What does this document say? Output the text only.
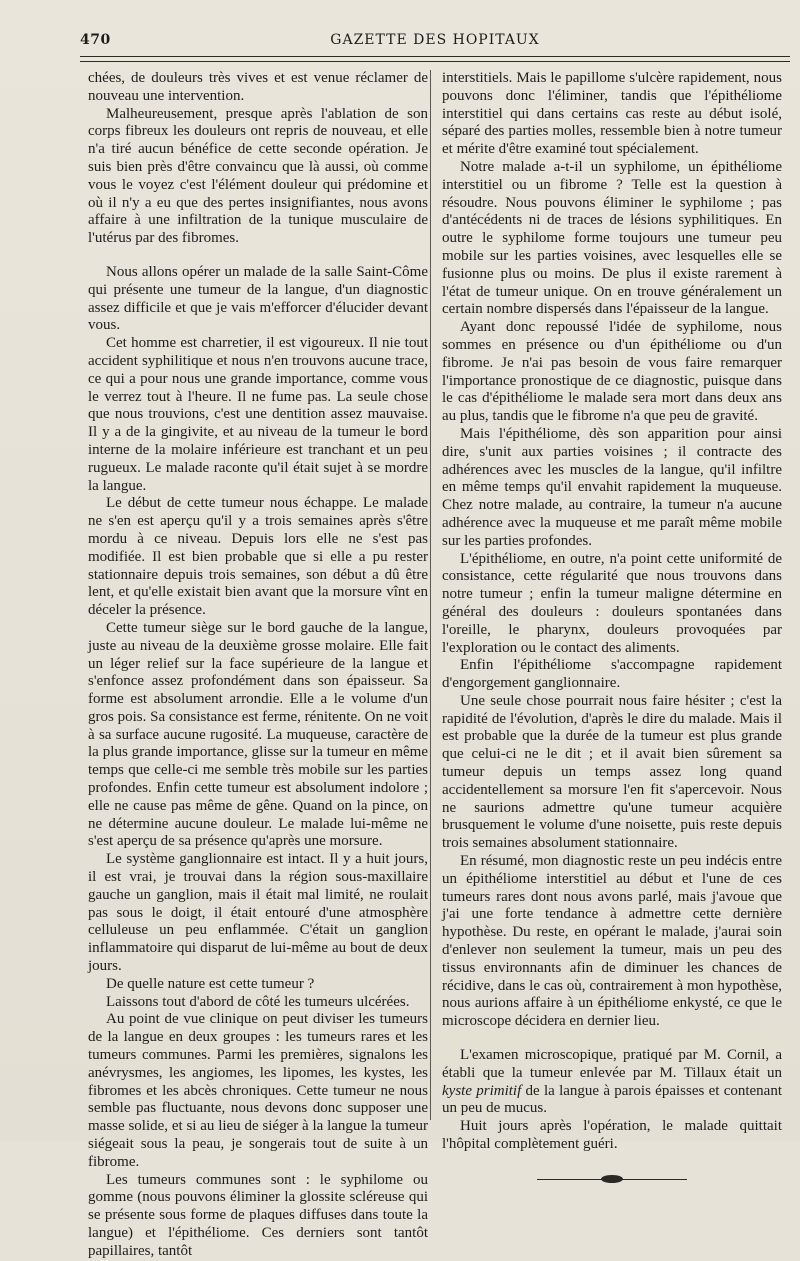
470	GAZETTE DES HOPITAUX

chées, de douleurs très vives et est venue réclamer de nouveau une intervention.

Malheureusement, presque après l'ablation de son corps fibreux les douleurs ont repris de nouveau, et elle n'a tiré aucun bénéfice de cette seconde opération. Je suis bien près d'être convaincu que là aussi, où comme vous le voyez c'est l'élément douleur qui prédomine et où il n'y a eu que des pertes insignifiantes, nous avons affaire à une infiltration de la tunique musculaire de l'utérus par des fibromes.

Nous allons opérer un malade de la salle Saint-Côme qui présente une tumeur de la langue, d'un diagnostic assez difficile et que je vais m'efforcer d'élucider devant vous.

Cet homme est charretier, il est vigoureux. Il nie tout accident syphilitique et nous n'en trouvons aucune trace, ce qui a pour nous une grande importance, comme vous le verrez tout à l'heure. Il ne fume pas. La seule chose que nous trouvions, c'est une dentition assez mauvaise. Il y a de la gingivite, et au niveau de la tumeur le bord interne de la molaire inférieure est tranchant et un peu rugueux. Le malade raconte qu'il était sujet à se mordre la langue.

Le début de cette tumeur nous échappe. Le malade ne s'en est aperçu qu'il y a trois semaines après s'être mordu à ce niveau. Depuis lors elle ne s'est pas modifiée. Il est bien probable que si elle a pu rester stationnaire depuis trois semaines, son début a dû être lent, et qu'elle existait bien avant que la morsure vînt en déceler la présence.

Cette tumeur siège sur le bord gauche de la langue, juste au niveau de la deuxième grosse molaire. Elle fait un léger relief sur la face supérieure de la langue et s'enfonce assez profondément dans son épaisseur. Sa forme est absolument arrondie. Elle a le volume d'un gros pois. Sa consistance est ferme, rénitente. On ne voit à sa surface aucune rugosité. La muqueuse, caractère de la plus grande importance, glisse sur la tumeur en même temps que celle-ci me semble très mobile sur les parties profondes. Enfin cette tumeur est absolument indolore ; elle ne cause pas même de gêne. Quand on la pince, on ne détermine aucune douleur. Le malade lui-même ne s'est aperçu de sa présence qu'après une morsure.

Le système ganglionnaire est intact. Il y a huit jours, il est vrai, je trouvai dans la région sous-maxillaire gauche un ganglion, mais il était mal limité, ne roulait pas sous le doigt, il était entouré d'une atmosphère celluleuse un peu enflammée. C'était un ganglion inflammatoire qui disparut de lui-même au bout de deux jours.

De quelle nature est cette tumeur ?

Laissons tout d'abord de côté les tumeurs ulcérées.

Au point de vue clinique on peut diviser les tumeurs de la langue en deux groupes : les tumeurs rares et les tumeurs communes. Parmi les premières, signalons les anévrysmes, les angiomes, les lipomes, les kystes, les fibromes et les abcès chroniques. Cette tumeur ne nous semble pas fluctuante, nous devons donc supposer une masse solide, et si au lieu de siéger à la langue la tumeur siégeait sous la peau, je songerais tout de suite à un fibrome.

Les tumeurs communes sont : le syphilome ou gomme (nous pouvons éliminer la glossite scléreuse qui se présente sous forme de plaques diffuses dans toute la langue) et l'épithéliome. Ces derniers sont tantôt papillaires, tantôt

interstitiels. Mais le papillome s'ulcère rapidement, nous pouvons donc l'éliminer, tandis que l'épithéliome interstitiel qui dans certains cas reste au début isolé, séparé des parties molles, ressemble bien à notre tumeur et mérite d'être examiné tout spécialement.

Notre malade a-t-il un syphilome, un épithéliome interstitiel ou un fibrome ? Telle est la question à résoudre. Nous pouvons éliminer le syphilome ; pas d'antécédents ni de traces de lésions syphilitiques. En outre le syphilome forme toujours une tumeur peu mobile sur les parties voisines, avec lesquelles elle se fusionne plus ou moins. De plus il existe rarement à l'état de tumeur unique. On en trouve généralement un certain nombre dispersés dans l'épaisseur de la langue.

Ayant donc repoussé l'idée de syphilome, nous sommes en présence ou d'un épithéliome ou d'un fibrome. Je n'ai pas besoin de vous faire remarquer l'importance pronostique de ce diagnostic, puisque dans le cas d'épithéliome le malade sera mort dans deux ans au plus, tandis que le fibrome n'a que peu de gravité.

Mais l'épithéliome, dès son apparition pour ainsi dire, s'unit aux parties voisines ; il contracte des adhérences avec les muscles de la langue, qu'il infiltre en même temps qu'il envahit rapidement la muqueuse. Chez notre malade, au contraire, la tumeur n'a aucune adhérence avec la muqueuse et me paraît même mobile sur les parties profondes.

L'épithéliome, en outre, n'a point cette uniformité de consistance, cette régularité que nous trouvons dans notre tumeur ; enfin la tumeur maligne détermine en général des douleurs : douleurs spontanées dans l'oreille, le pharynx, douleurs provoquées par l'exploration ou le contact des aliments.

Enfin l'épithéliome s'accompagne rapidement d'engorgement ganglionnaire.

Une seule chose pourrait nous faire hésiter ; c'est la rapidité de l'évolution, d'après le dire du malade. Mais il est probable que la durée de la tumeur est plus grande que celui-ci ne le dit ; et il avait bien sûrement sa tumeur depuis un temps assez long quand accidentellement sa morsure l'en fit s'apercevoir. Nous ne saurions admettre qu'une tumeur acquière brusquement le volume d'une noisette, puis reste depuis trois semaines absolument stationnaire.

En résumé, mon diagnostic reste un peu indécis entre un épithéliome interstitiel au début et l'une de ces tumeurs rares dont nous avons parlé, mais j'avoue que j'ai une forte tendance à admettre cette dernière hypothèse. Du reste, en opérant le malade, j'aurai soin d'enlever non seulement la tumeur, mais un peu des tissus environnants afin de diminuer les chances de récidive, dans le cas où, contrairement à mon hypothèse, nous aurions affaire à un épithéliome enkysté, ce que le microscope décidera en dernier lieu.

L'examen microscopique, pratiqué par M. Cornil, a établi que la tumeur enlevée par M. Tillaux était un kyste primitif de la langue à parois épaisses et contenant un peu de mucus.

Huit jours après l'opération, le malade quittait l'hôpital complètement guéri.
